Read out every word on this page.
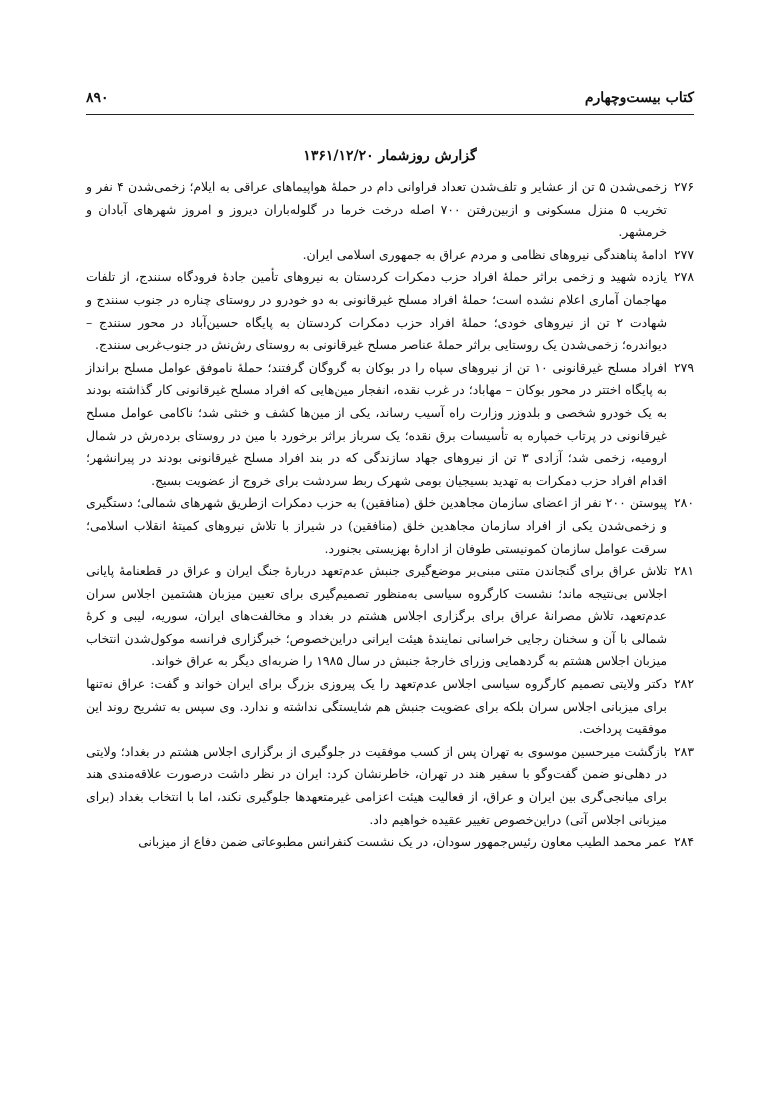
کتاب بیست‌وچهارم
۸۹۰
گزارش روزشمار ۱۳۶۱/۱۲/۲۰

۲۷۶زخمی‌شدن ۵ تن از عشایر و تلف‌شدن تعداد فراوانی دام در حملهٔ هواپیماهای عراقی به ایلام؛ زخمی‌شدن ۴ نفر و تخریب ۵ منزل مسکونی و ازبین‌رفتن ۷۰۰ اصله درخت خرما در گلوله‌باران دیروز و امروز شهرهای آبادان و خرمشهر.

۲۷۷ادامهٔ پناهندگی نیروهای نظامی و مردم عراق به جمهوری اسلامی ایران.

۲۷۸یازده شهید و زخمی براثر حملهٔ افراد حزب دمکرات کردستان به نیروهای تأمین جادهٔ فرودگاه سنندج، از تلفات مهاجمان آماری اعلام نشده است؛ حملهٔ افراد مسلح غیرقانونی به دو خودرو در روستای چناره در جنوب سنندج و شهادت ۲ تن از نیروهای خودی؛ حملهٔ افراد حزب دمکرات کردستان به پایگاه حسین‌آباد در محور سنندج – دیواندره؛ زخمی‌شدن یک روستایی براثر حملهٔ عناصر مسلح غیرقانونی به روستای رش‌نش در جنوب‌غربی سنندج.

۲۷۹افراد مسلح غیرقانونی ۱۰ تن از نیروهای سپاه را در بوکان به گروگان گرفتند؛ حملهٔ ناموفق عوامل مسلح برانداز به پایگاه اختتر در محور بوکان – مهاباد؛ در غرب نقده، انفجار مین‌هایی که افراد مسلح غیرقانونی کار گذاشته بودند به یک خودرو شخصی و بلدوزر وزارت راه آسیب رساند، یکی از مین‌ها کشف و خنثی شد؛ ناکامی عوامل مسلح غیرقانونی در پرتاب خمپاره به تأسیسات برق نقده؛ یک سرباز براثر برخورد با مین در روستای بردەرش در شمال ارومیه، زخمی شد؛ آزادی ۳ تن از نیروهای جهاد سازندگی که در بند افراد مسلح غیرقانونی بودند در پیرانشهر؛ اقدام افراد حزب دمکرات به تهدید بسیجیان بومی شهرک ربط سردشت برای خروج از عضویت بسیج.

۲۸۰پیوستن ۲۰۰ نفر از اعضای سازمان مجاهدین خلق (منافقین) به حزب دمکرات ازطریق شهرهای شمالی؛ دستگیری و زخمی‌شدن یکی از افراد سازمان مجاهدین خلق (منافقین) در شیراز با تلاش نیروهای کمیتهٔ انقلاب اسلامی؛ سرقت عوامل سازمان کمونیستی طوفان از ادارهٔ بهزیستی بجنورد.

۲۸۱تلاش عراق برای گنجاندن متنی مبنی‌بر موضع‌گیری جنبش عدم‌تعهد دربارهٔ جنگ ایران و عراق در قطعنامهٔ پایانی اجلاس بی‌نتیجه ماند؛ نشست کارگروه سیاسی به‌منظور تصمیم‌گیری برای تعیین میزبان هشتمین اجلاس سران عدم‌تعهد، تلاش مصرانهٔ عراق برای برگزاری اجلاس هشتم در بغداد و مخالفت‌های ایران، سوریه، لیبی و کرهٔ شمالی با آن و سخنان رجایی خراسانی نمایندهٔ هیئت ایرانی دراین‌خصوص؛ خبرگزاری فرانسه موکول‌شدن انتخاب میزبان اجلاس هشتم به گردهمایی وزرای خارجهٔ جنبش در سال ۱۹۸۵ را ضربه‌ای دیگر به عراق خواند.

۲۸۲دکتر ولایتی تصمیم کارگروه سیاسی اجلاس عدم‌تعهد را یک پیروزی بزرگ برای ایران خواند و گفت: عراق نه‌تنها برای میزبانی اجلاس سران بلکه برای عضویت جنبش هم شایستگی نداشته و ندارد. وی سپس به تشریح روند این موفقیت پرداخت.

۲۸۳بازگشت میرحسین موسوی به تهران پس از کسب موفقیت در جلوگیری از برگزاری اجلاس هشتم در بغداد؛ ولایتی در دهلی‌نو ضمن گفت‌وگو با سفیر هند در تهران، خاطرنشان کرد: ایران در نظر داشت درصورت علاقه‌مندی هند برای میانجی‌گری بین ایران و عراق، از فعالیت هیئت اعزامی غیرمتعهدها جلوگیری نکند، اما با انتخاب بغداد (برای میزبانی اجلاس آتی) دراین‌خصوص تغییر عقیده خواهیم داد.

۲۸۴عمر محمد الطیب معاون رئیس‌جمهور سودان، در یک نشست کنفرانس مطبوعاتی ضمن دفاع از میزبانی
